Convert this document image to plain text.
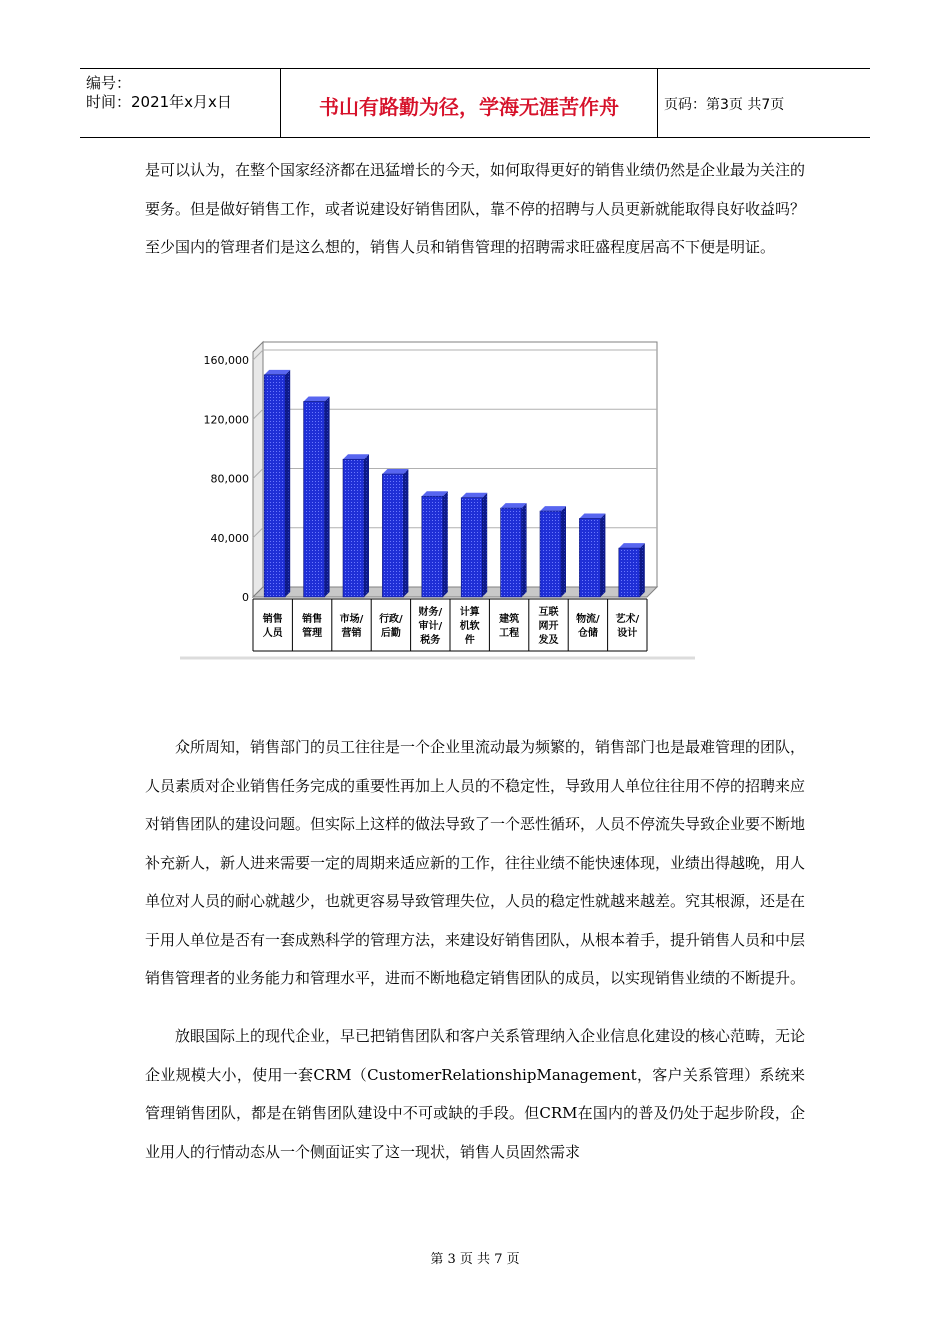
编号：
时间：2021年x月x日	书山有路勤为径，学海无涯苦作舟	页码：第3页 共7页
是可以认为，在整个国家经济都在迅猛增长的今天，如何取得更好的销售业绩仍然是企业最为关注的要务。但是做好销售工作，或者说建设好销售团队，靠不停的招聘与人员更新就能取得良好收益吗？至少国内的管理者们是这么想的，销售人员和销售管理的招聘需求旺盛程度居高不下便是明证。
160,000
120,000
80,000
40,000
0
销售
人员
销售
管理
市场/
营销
行政/
后勤
财务/
审计/
税务
计算
机软
件
建筑
工程
互联
网开
发及
物流/
仓储
艺术/
设计
众所周知，销售部门的员工往往是一个企业里流动最为频繁的，销售部门也是最难管理的团队，人员素质对企业销售任务完成的重要性再加上人员的不稳定性，导致用人单位往往用不停的招聘来应对销售团队的建设问题。但实际上这样的做法导致了一个恶性循环，人员不停流失导致企业要不断地补充新人，新人进来需要一定的周期来适应新的工作，往往业绩不能快速体现，业绩出得越晚，用人单位对人员的耐心就越少，也就更容易导致管理失位，人员的稳定性就越来越差。究其根源，还是在于用人单位是否有一套成熟科学的管理方法，来建设好销售团队，从根本着手，提升销售人员和中层销售管理者的业务能力和管理水平，进而不断地稳定销售团队的成员，以实现销售业绩的不断提升。
放眼国际上的现代企业，早已把销售团队和客户关系管理纳入企业信息化建设的核心范畴，无论企业规模大小，使用一套CRM（CustomerRelationshipManagement，客户关系管理）系统来管理销售团队，都是在销售团队建设中不可或缺的手段。但CRM在国内的普及仍处于起步阶段，企业用人的行情动态从一个侧面证实了这一现状，销售人员固然需求
第 3 页 共 7 页
